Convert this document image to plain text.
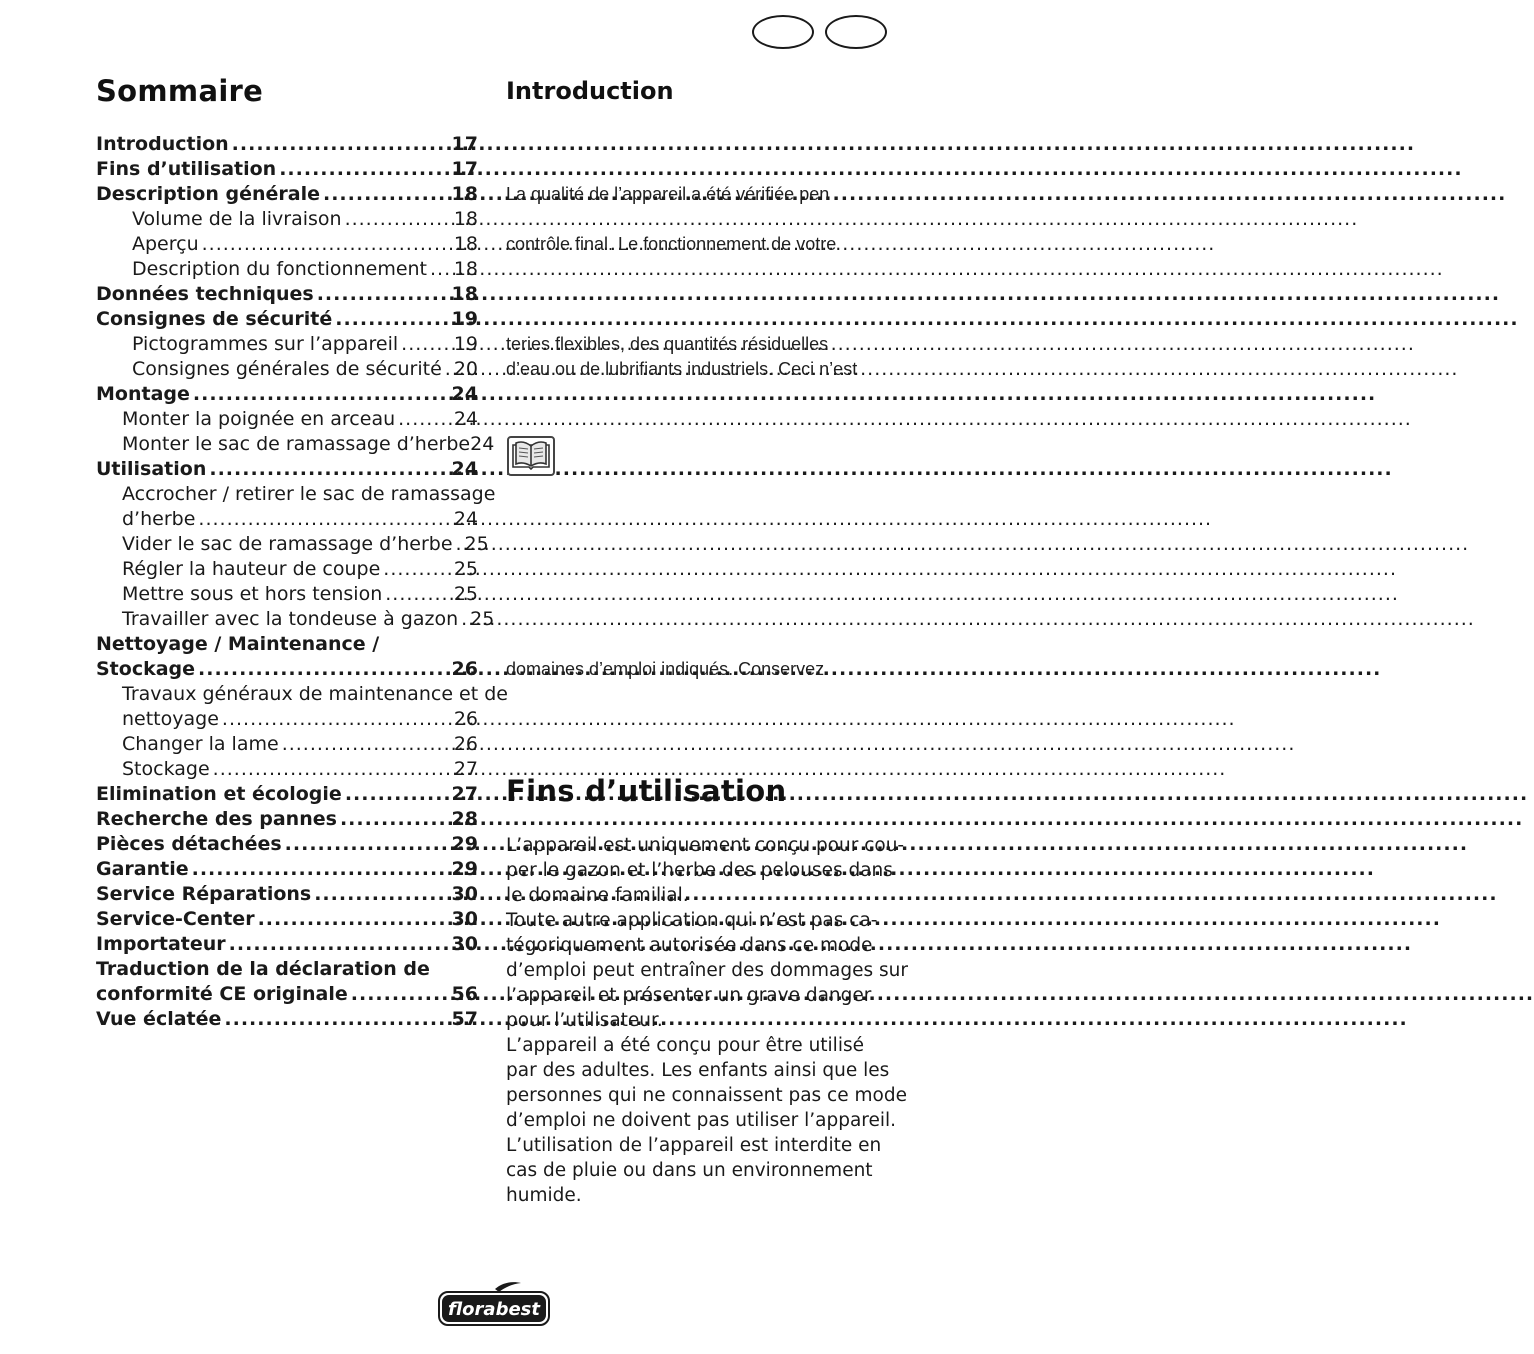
Sommaire
Introduction .....	17
Fins d’utilisation .....	17
Description générale .....	18
Volume de la livraison .....	18
Aperçu .....	18
Description du fonctionnement ..... 18
Données techniques .....	18
Consignes de sécurité .....	19
Pictogrammes sur l’appareil .....	19
Consignes générales de sécurité ..... 20
Montage .....	24
Monter la poignée en arceau .....	24
Monter le sac de ramassage d’herbe 24
Utilisation .....	24
Accrocher / retirer le sac de ramassage
d’herbe .....	24
Vider le sac de ramassage d’herbe ..... 25
Régler la hauteur de coupe .....	25
Mettre sous et hors tension .....	25
Travailler avec la tondeuse à gazon ..... 25
Nettoyage / Maintenance /
Stockage .....	26
Travaux généraux de maintenance et de
nettoyage .....	26
Changer la lame .....	26
Stockage .....	27
Elimination et écologie .....	27
Recherche des pannes .....	28
Pièces détachées .....	29
Garantie .....	29
Service Réparations .....	30
Service-Center .....	30
Importateur .....	30
Traduction de la déclaration de
conformité CE originale .....	56
Vue éclatée .....	57
Introduction

La qualité de l’appareil a été vérifiée pen

contrôle final. Le fonctionnement de votre

teries flexibles, des quantités résiduelles

d’eau ou de lubrifiants industriels. Ceci n’est

domaines d’emploi indiqués. Conservez

Fins d’utilisation
L’appareil est uniquement conçu pour cou-
per le gazon et l’herbe des pelouses dans
le domaine familial.
Toute autre application qui n’est pas ca-
tégoriquement autorisée dans ce mode
d’emploi peut entraîner des dommages sur
l’appareil et présenter un grave danger
pour l’utilisateur.
L’appareil a été conçu pour être utilisé
par des adultes. Les enfants ainsi que les
personnes qui ne connaissent pas ce mode
d’emploi ne doivent pas utiliser l’appareil.
L’utilisation de l’appareil est interdite en
cas de pluie ou dans un environnement
humide.
florabest
